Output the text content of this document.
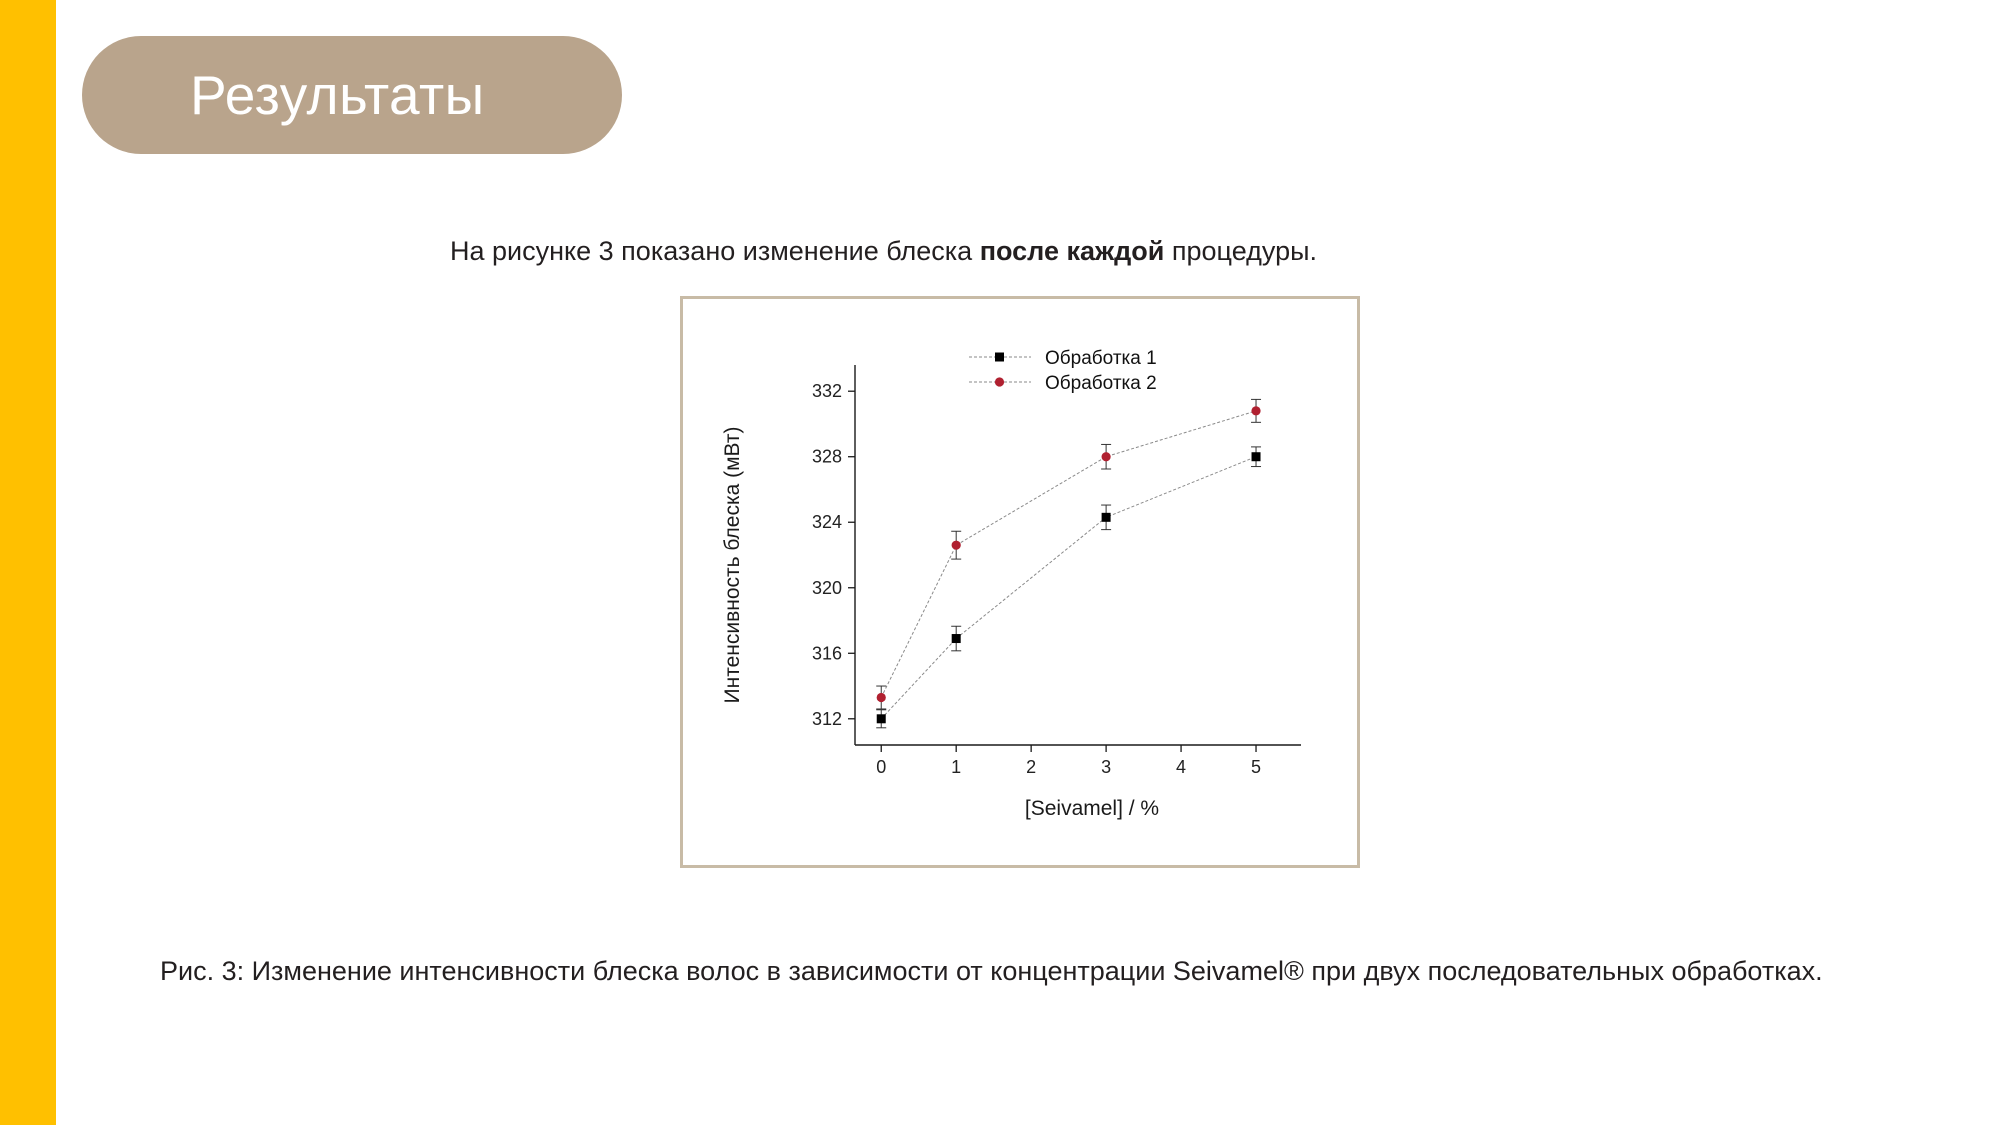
Результаты
На рисунке 3 показано изменение блеска после каждой процедуры.
312
316
320
324
328
332
0	1	2	3	4	5
Обработка 1
Обработка 2
[Seivamel] / %
Интенсивность блеска (мВт)
Рис. 3: Изменение интенсивности блеска волос в зависимости от концентрации Seivamel® при двух последовательных обработках.
